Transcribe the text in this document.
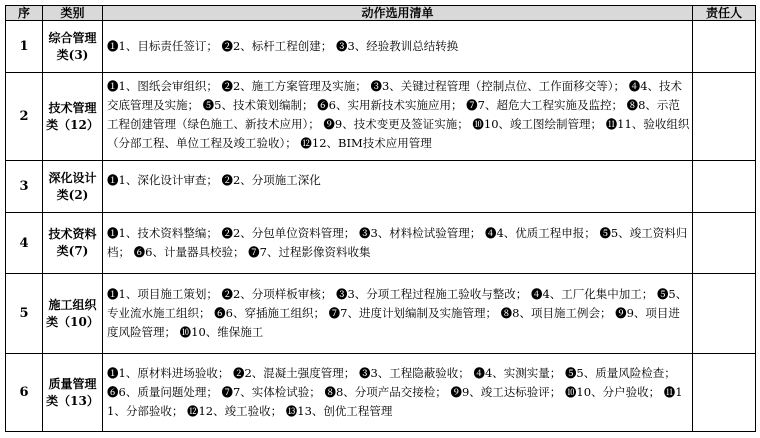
序	类别	动作选用清单	责任人
1	综合管理类(3)	❶1、目标责任签订； ❷2、标杆工程创建； ❸3、经验教训总结转换	

2	技术管理类（12）	❶1、图纸会审组织； ❷2、施工方案管理及实施； ❸3、关键过程管理（控制点位、工作面移交等）； ❹4、技术交底管理及实施； ❺5、技术策划编制； ❻6、实用新技术实施应用； ❼7、超危大工程实施及监控； ❽8、示范工程创建管理（绿色施工、新技术应用）； ❾9、技术变更及签证实施； ❿10、竣工图绘制管理； ⓫11、验收组织（分部工程、单位工程及竣工验收）； ⓬12、BIM技术应用管理	

3	深化设计类(2)	❶1、深化设计审查； ❷2、分项施工深化	

4	技术资料类(7)	❶1、技术资料整编； ❷2、分包单位资料管理； ❸3、材料检试验管理； ❹4、优质工程申报； ❺5、竣工资料归档； ❻6、计量器具校验； ❼7、过程影像资料收集	

5	施工组织类（10）	❶1、项目施工策划； ❷2、分项样板审核； ❸3、分项工程过程施工验收与整改； ❹4、工厂化集中加工； ❺5、专业流水施工组织； ❻6、穿插施工组织； ❼7、进度计划编制及实施管理； ❽8、项目施工例会； ❾9、项目进度风险管理； ❿10、维保施工	

6	质量管理类（13）	❶1、原材料进场验收； ❷2、混凝土强度管理； ❸3、工程隐蔽验收； ❹4、实测实量； ❺5、质量风险检查； ❻6、质量问题处理； ❼7、实体检试验； ❽8、分项产品交接检； ❾9、竣工达标验评； ❿10、分户验收； ⓫11、分部验收； ⓬12、竣工验收； ⓭13、创优工程管理	
